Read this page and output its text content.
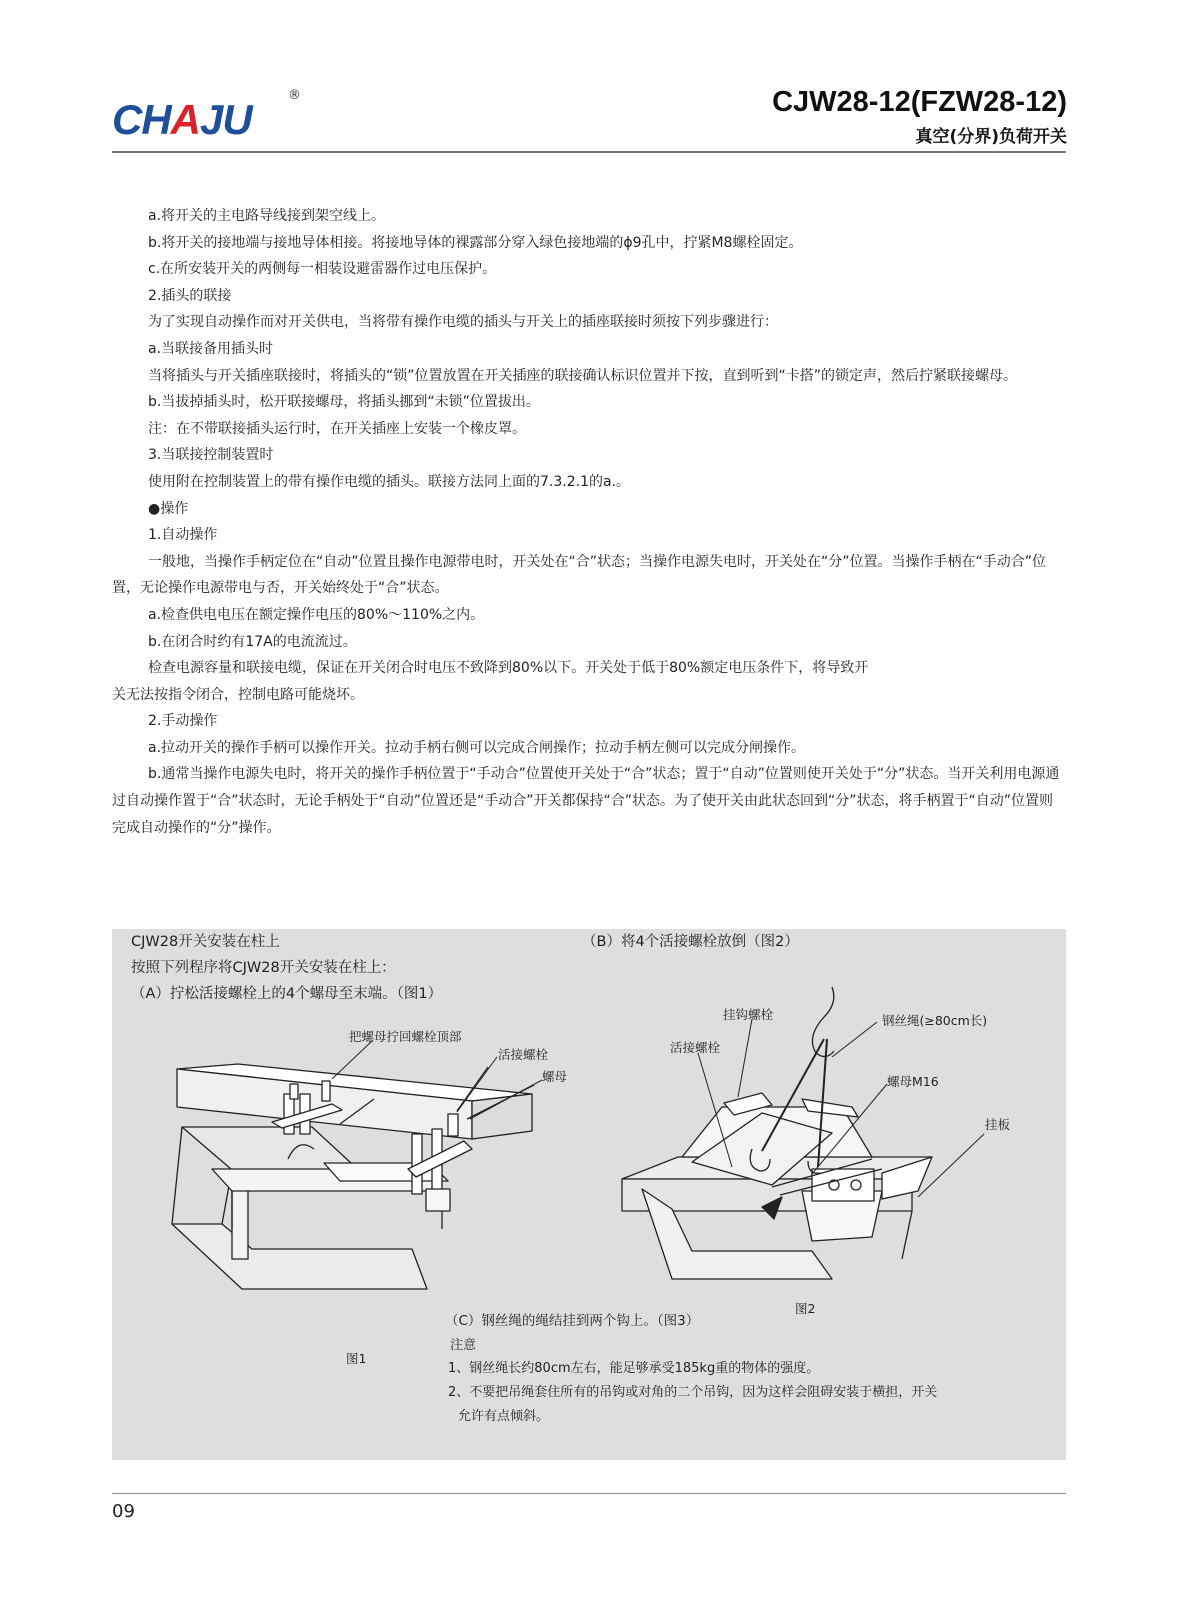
CHAJU
®	CJW28-12(FZW28-12)
真空(分界)负荷开关

a.将开关的主电路导线接到架空线上。

b.将开关的接地端与接地导体相接。将接地导体的裸露部分穿入绿色接地端的ϕ9孔中，拧紧M8螺栓固定。

c.在所安装开关的两侧每一相装设避雷器作过电压保护。

2.插头的联接

为了实现自动操作而对开关供电，当将带有操作电缆的插头与开关上的插座联接时须按下列步骤进行：

a.当联接备用插头时

当将插头与开关插座联接时，将插头的“锁”位置放置在开关插座的联接确认标识位置并下按，直到听到“卡搭”的锁定声，然后拧紧联接螺母。

b.当拔掉插头时，松开联接螺母，将插头挪到“未锁”位置拔出。

注：在不带联接插头运行时，在开关插座上安装一个橡皮罩。

3.当联接控制装置时

使用附在控制装置上的带有操作电缆的插头。联接方法同上面的7.3.2.1的a.。

●操作

1.自动操作

一般地，当操作手柄定位在“自动”位置且操作电源带电时，开关处在“合”状态；当操作电源失电时，开关处在“分”位置。当操作手柄在“手动合”位置，无论操作电源带电与否，开关始终处于“合”状态。

a.检查供电电压在额定操作电压的80%～110%之内。

b.在闭合时约有17A的电流流过。

检查电源容量和联接电缆，保证在开关闭合时电压不致降到80%以下。开关处于低于80%额定电压条件下，将导致开

关无法按指令闭合，控制电路可能烧坏。

2.手动操作

a.拉动开关的操作手柄可以操作开关。拉动手柄右侧可以完成合闸操作；拉动手柄左侧可以完成分闸操作。

b.通常当操作电源失电时，将开关的操作手柄位置于“手动合”位置使开关处于“合”状态；置于“自动”位置则使开关处于“分”状态。当开关利用电源通过自动操作置于“合”状态时，无论手柄处于“自动”位置还是“手动合”开关都保持“合”状态。为了使开关由此状态回到“分”状态，将手柄置于“自动”位置则完成自动操作的“分”操作。

CJW28开关安装在柱上
按照下列程序将CJW28开关安装在柱上：
（A）拧松活接螺栓上的4个螺母至末端。（图1）
（B）将4个活接螺栓放倒（图2）
把螺母拧回螺栓顶部
活接螺栓
螺母
图1
挂钩螺栓	钢丝绳(≥80cm长)
活接螺栓
螺母M16
挂板
图2
（C）钢丝绳的绳结挂到两个钩上。（图3）
注意
1、钢丝绳长约80cm左右，能足够承受185kg重的物体的强度。
2、不要把吊绳套住所有的吊钩或对角的二个吊钩，因为这样会阻碍安装于横担，开关
允许有点倾斜。
09
